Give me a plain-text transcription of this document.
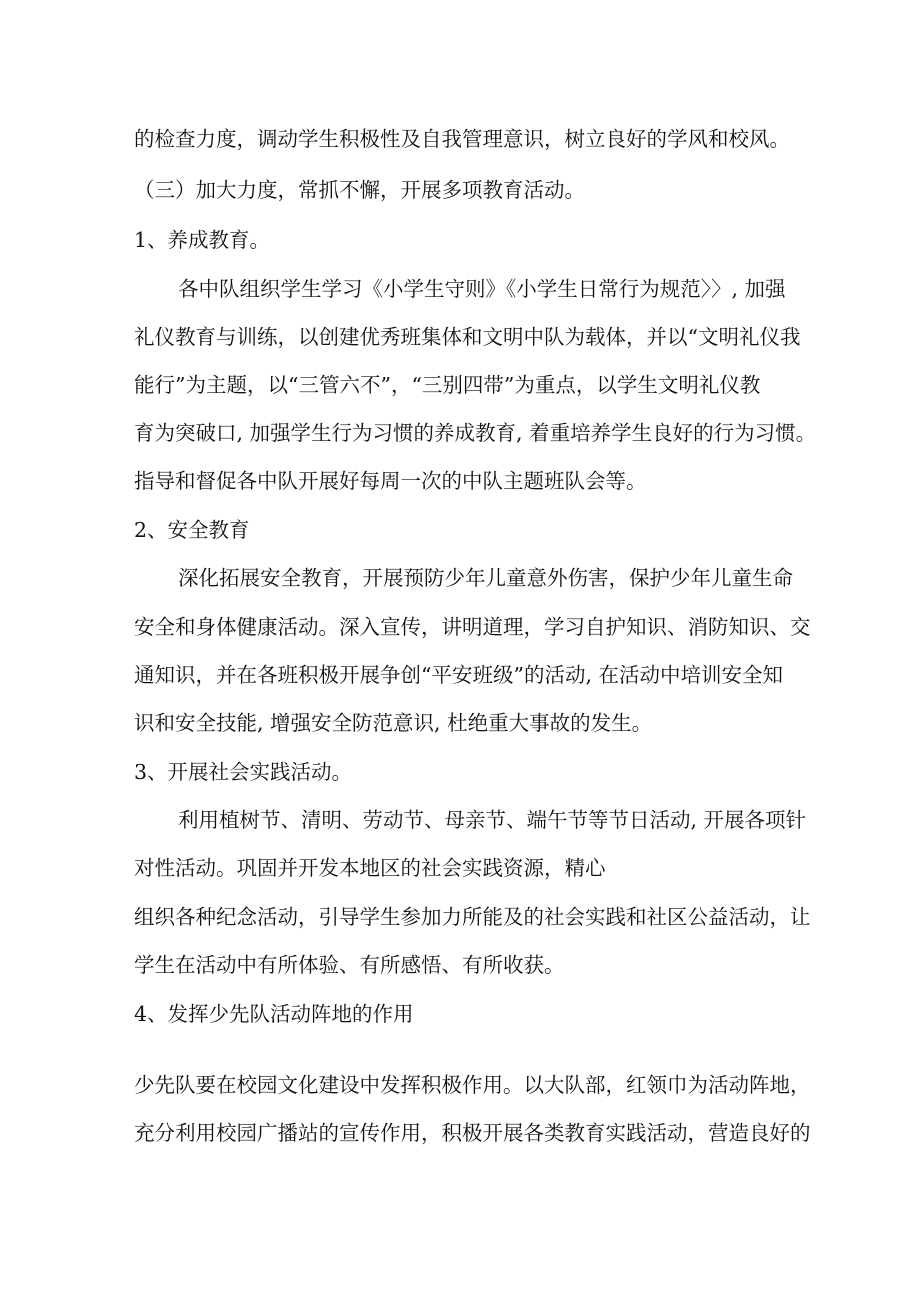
的检查力度，调动学生积极性及自我管理意识，树立良好的学风和校风。

（三）加大力度，常抓不懈，开展多项教育活动。

1、养成教育。

各中队组织学生学习《小学生守则》《小学生日常行为规范〉〉, 加强

礼仪教育与训练，以创建优秀班集体和文明中队为载体，并以“文明礼仪我

能行”为主题，以“三管六不”，“三别四带”为重点，以学生文明礼仪教

育为突破口, 加强学生行为习惯的养成教育, 着重培养学生良好的行为习惯。

指导和督促各中队开展好每周一次的中队主题班队会等。

2、安全教育

深化拓展安全教育，开展预防少年儿童意外伤害，保护少年儿童生命

安全和身体健康活动。深入宣传，讲明道理，学习自护知识、消防知识、交

通知识，并在各班积极开展争创“平安班级”的活动, 在活动中培训安全知

识和安全技能, 增强安全防范意识, 杜绝重大事故的发生。

3、开展社会实践活动。

利用植树节、清明、劳动节、母亲节、端午节等节日活动, 开展各项针

对性活动。巩固并开发本地区的社会实践资源，精心

组织各种纪念活动，引导学生参加力所能及的社会实践和社区公益活动，让

学生在活动中有所体验、有所感悟、有所收获。

4、发挥少先队活动阵地的作用

少先队要在校园文化建设中发挥积极作用。以大队部，红领巾为活动阵地，

充分利用校园广播站的宣传作用，积极开展各类教育实践活动，营造良好的
